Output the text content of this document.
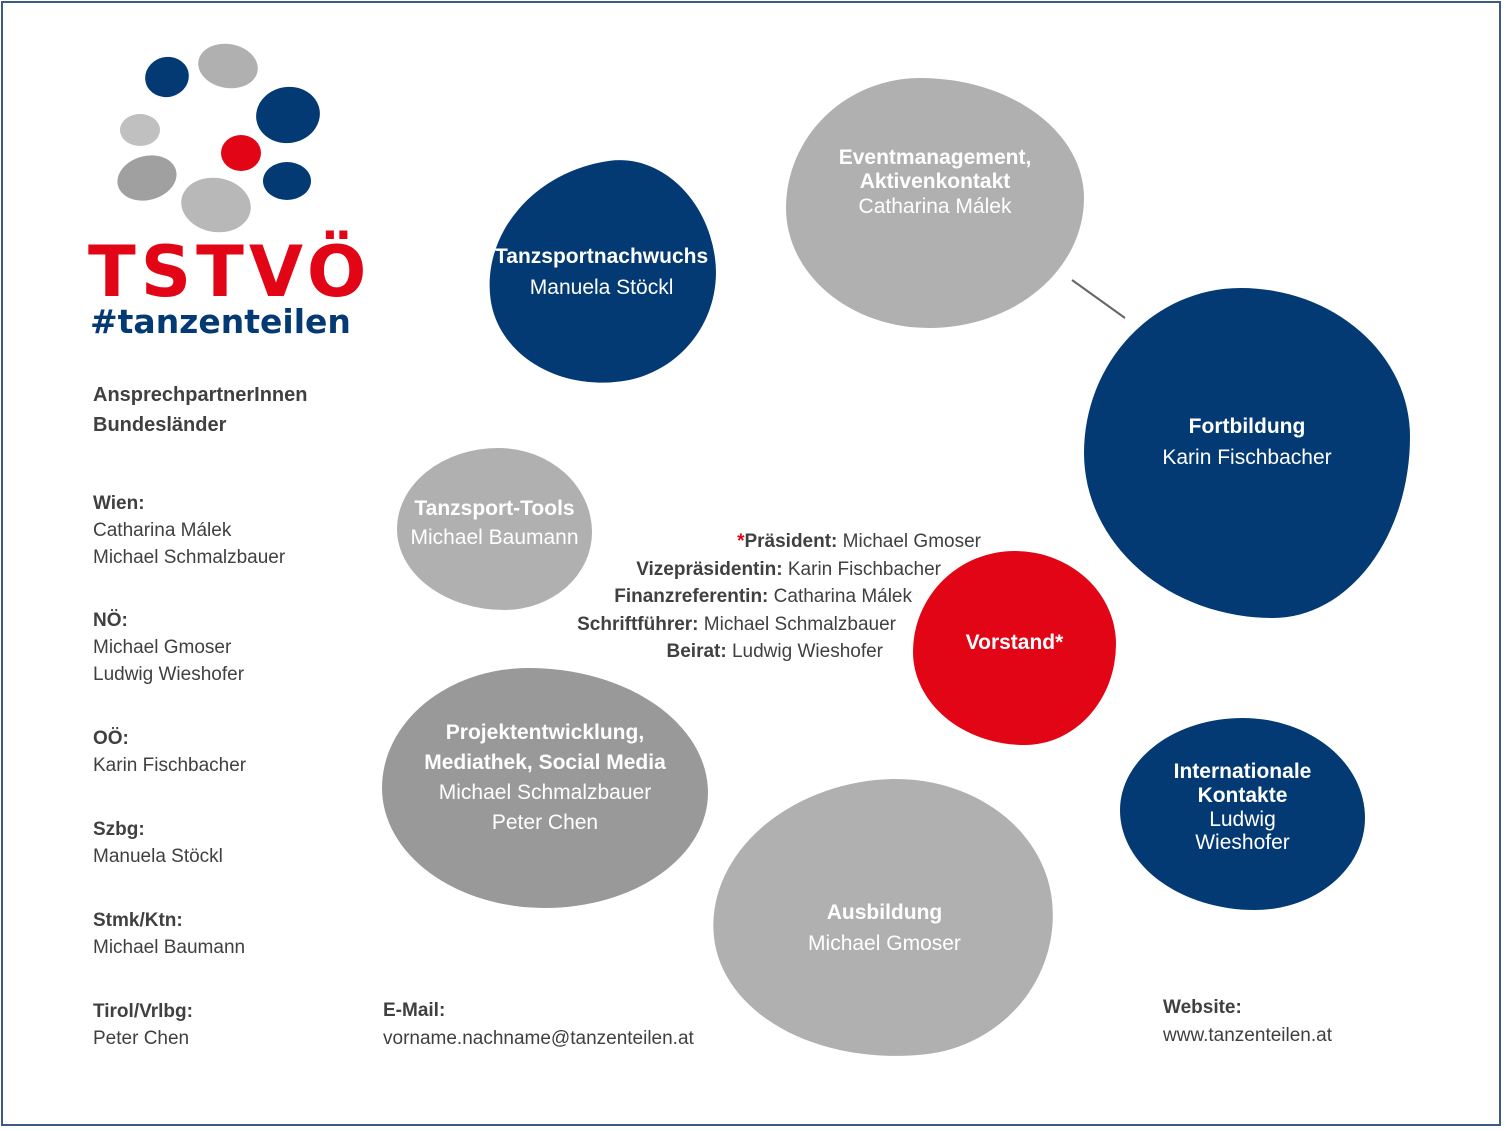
TSTVÖ
#tanzenteilen
AnsprechpartnerInnen
Bundesländer
Wien:
Catharina Málek
Michael Schmalzbauer
NÖ:
Michael Gmoser
Ludwig Wieshofer
OÖ:
Karin Fischbacher
Szbg:
Manuela Stöckl
Stmk/Ktn:
Michael Baumann
Tirol/Vrlbg:
Peter Chen
Tanzsportnachwuchs
Manuela Stöckl
Eventmanagement,
Aktivenkontakt
Catharina Málek
Fortbildung
Karin Fischbacher
Tanzsport-Tools
Michael Baumann
Vorstand*
Projektentwicklung,
Mediathek, Social Media
Michael Schmalzbauer
Peter Chen
Internationale
Kontakte
Ludwig
Wieshofer
Ausbildung
Michael Gmoser
*Präsident: Michael Gmoser
Vizepräsidentin: Karin Fischbacher
Finanzreferentin: Catharina Málek
Schriftführer: Michael Schmalzbauer
Beirat: Ludwig Wieshofer
E-Mail:
vorname.nachname@tanzenteilen.at
Website:
www.tanzenteilen.at
